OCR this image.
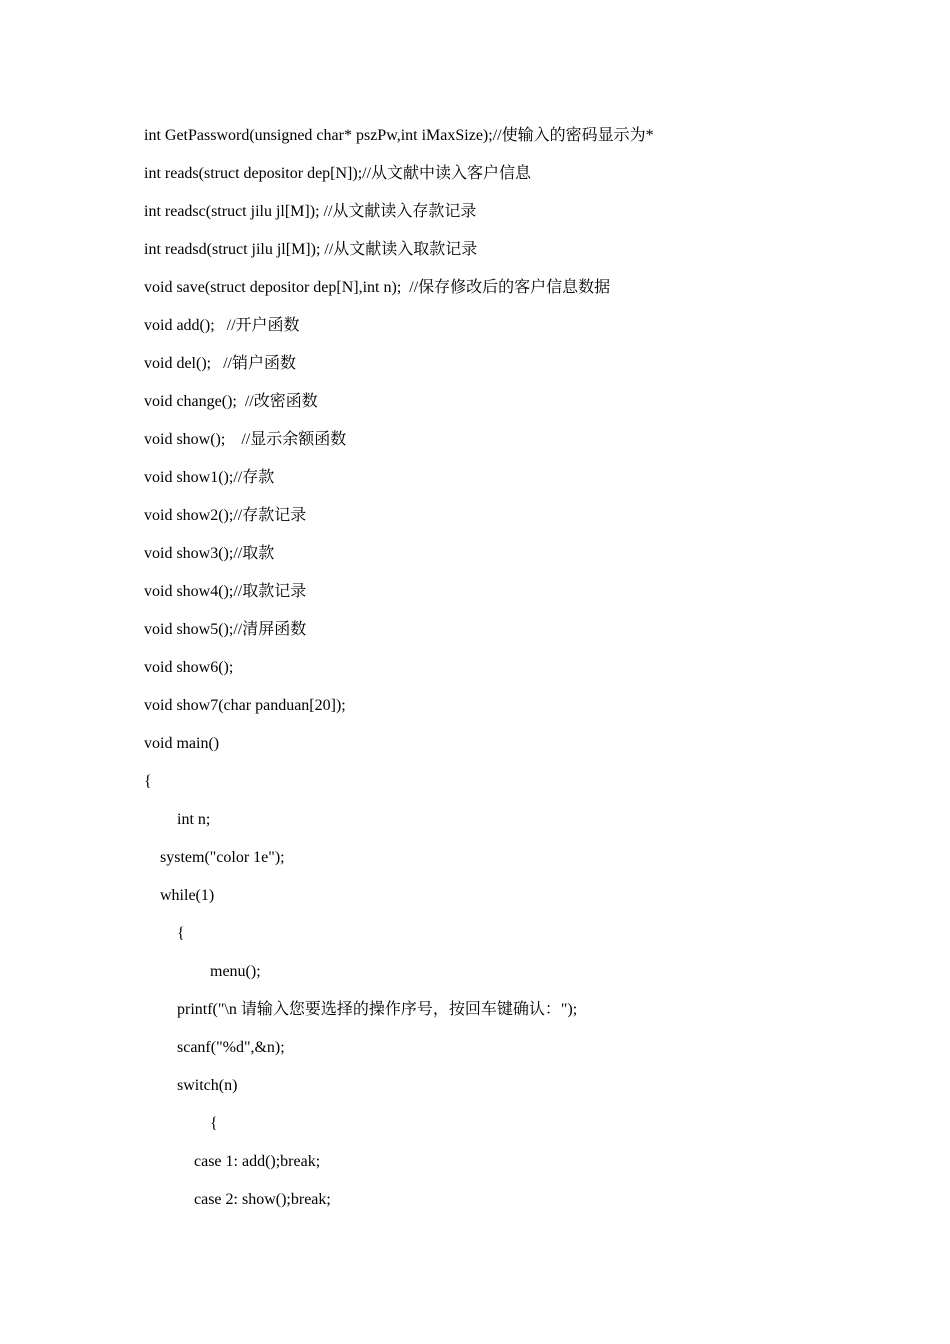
int GetPassword(unsigned char* pszPw,int iMaxSize);//使输入的密码显示为*
int reads(struct depositor dep[N]);//从文献中读入客户信息
int readsc(struct jilu jl[M]); //从文献读入存款记录
int readsd(struct jilu jl[M]); //从文献读入取款记录
void save(struct depositor dep[N],int n);  //保存修改后的客户信息数据
void add();   //开户函数
void del();   //销户函数
void change();  //改密函数
void show();    //显示余额函数
void show1();//存款
void show2();//存款记录
void show3();//取款
void show4();//取款记录
void show5();//清屏函数
void show6();
void show7(char panduan[20]);
void main()
{
int n;
system("color 1e");
while(1)
{
menu();
printf("\n 请输入您要选择的操作序号，按回车键确认：");
scanf("%d",&n);
switch(n)
{
case 1: add();break;
case 2: show();break;
